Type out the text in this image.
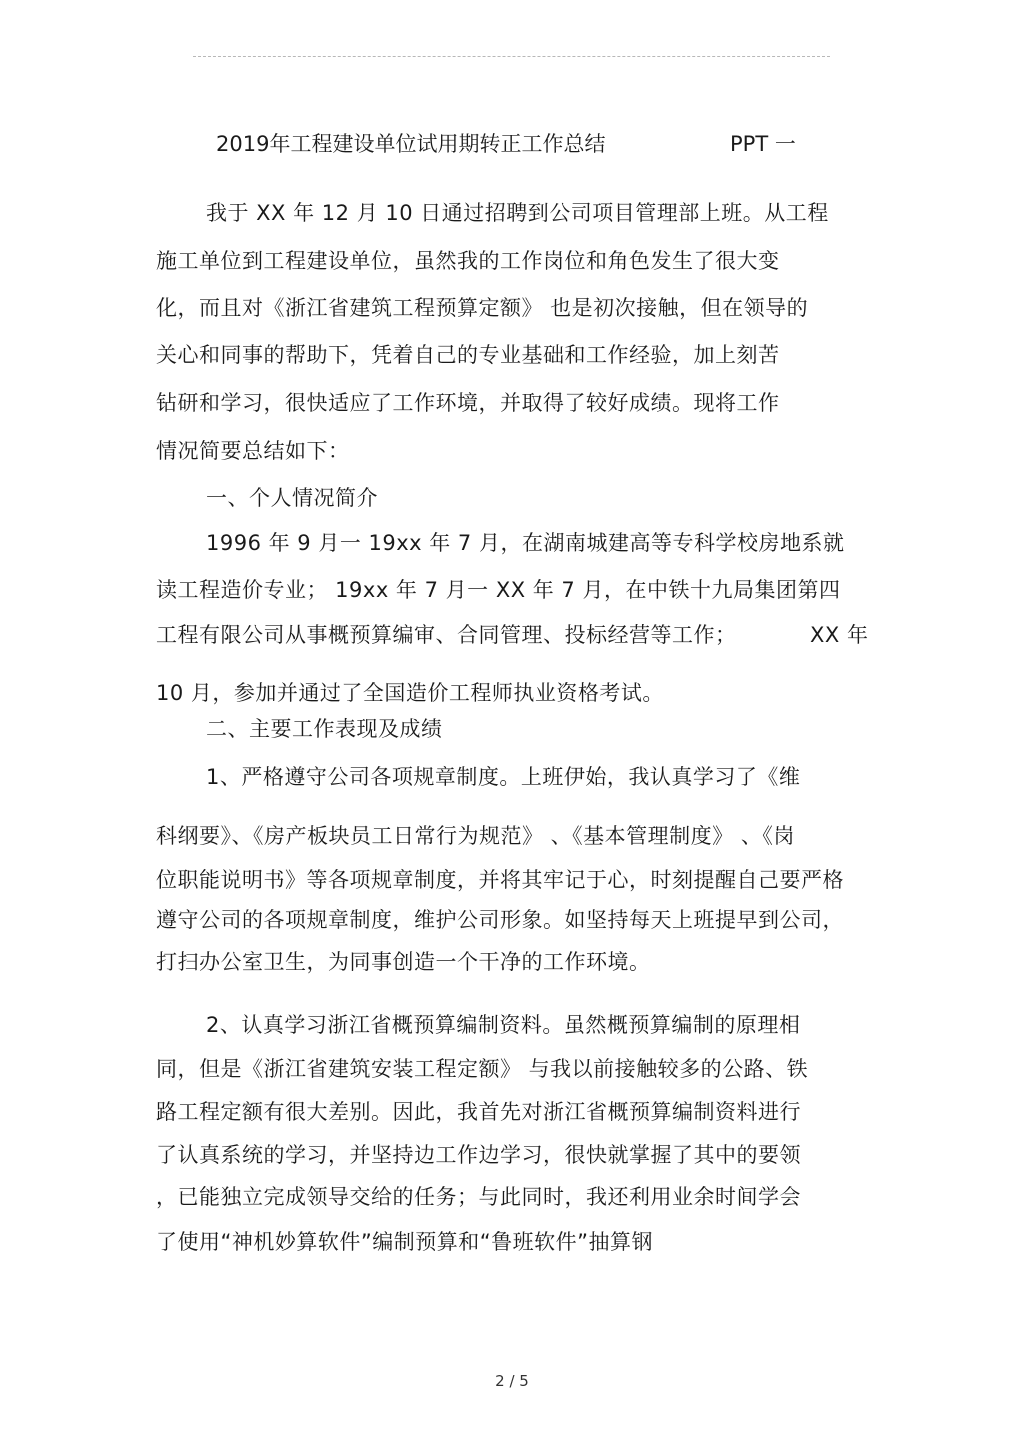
2019年工程建设单位试用期转正工作总结	PPT 一
我于 XX 年 12 月 10 日通过招聘到公司项目管理部上班。从工程
施工单位到工程建设单位，虽然我的工作岗位和角色发生了很大变
化，而且对《浙江省建筑工程预算定额》 也是初次接触，但在领导的
关心和同事的帮助下，凭着自己的专业基础和工作经验，加上刻苦
钻研和学习，很快适应了工作环境，并取得了较好成绩。现将工作
情况简要总结如下：
一、个人情况简介
1996 年 9 月一 19xx 年 7 月，在湖南城建高等专科学校房地系就
读工程造价专业； 19xx 年 7 月一 XX 年 7 月，在中铁十九局集团第四
工程有限公司从事概预算编审、合同管理、投标经营等工作；	XX 年
10 月，参加并通过了全国造价工程师执业资格考试。
二、主要工作表现及成绩
1、严格遵守公司各项规章制度。上班伊始，我认真学习了《维
科纲要》、《房产板块员工日常行为规范》 、《基本管理制度》 、《岗
位职能说明书》等各项规章制度，并将其牢记于心，时刻提醒自己要严格
遵守公司的各项规章制度，维护公司形象。如坚持每天上班提早到公司，
打扫办公室卫生，为同事创造一个干净的工作环境。
2、认真学习浙江省概预算编制资料。虽然概预算编制的原理相
同，但是《浙江省建筑安装工程定额》 与我以前接触较多的公路、铁
路工程定额有很大差别。因此，我首先对浙江省概预算编制资料进行
了认真系统的学习，并坚持边工作边学习，很快就掌握了其中的要领
，已能独立完成领导交给的任务；与此同时，我还利用业余时间学会
了使用“神机妙算软件”编制预算和“鲁班软件”抽算钢
2 / 5
